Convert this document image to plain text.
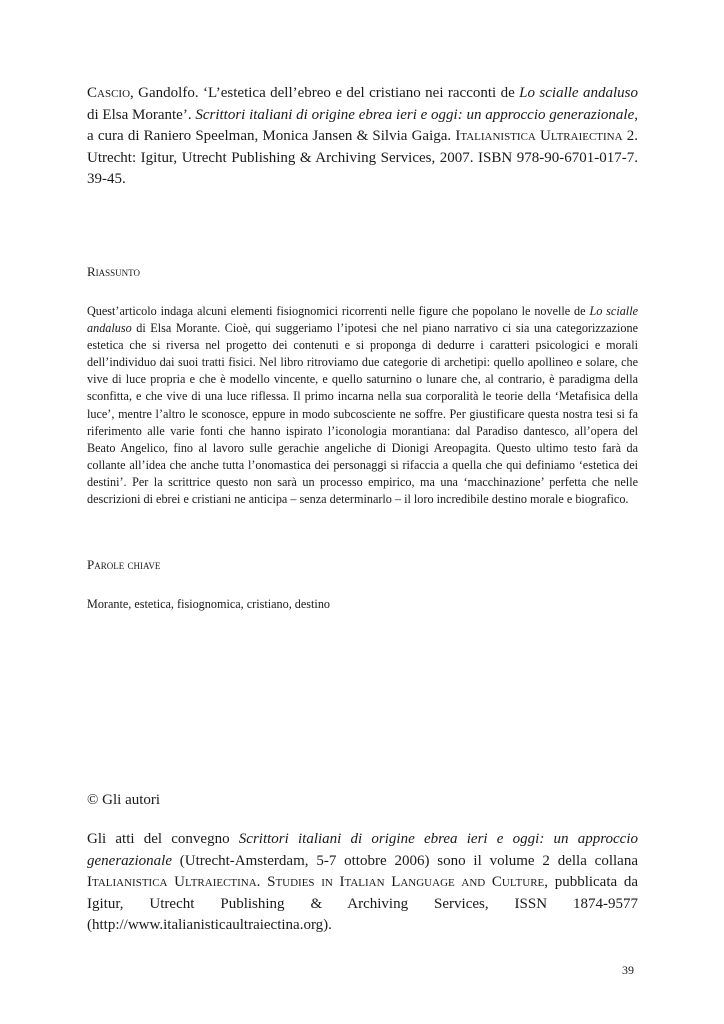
Cascio, Gandolfo. ‘L’estetica dell’ebreo e del cristiano nei racconti de Lo scialle andaluso di Elsa Morante’. Scrittori italiani di origine ebrea ieri e oggi: un approccio generazionale, a cura di Raniero Speelman, Monica Jansen & Silvia Gaiga. Italianistica Ultraiectina 2. Utrecht: Igitur, Utrecht Publishing & Archiving Services, 2007. ISBN 978-90-6701-017-7. 39-45.
Riassunto
Quest’articolo indaga alcuni elementi fisiognomici ricorrenti nelle figure che popolano le novelle de Lo scialle andaluso di Elsa Morante. Cioè, qui suggeriamo l’ipotesi che nel piano narrativo ci sia una categorizzazione estetica che si riversa nel progetto dei contenuti e si proponga di dedurre i caratteri psicologici e morali dell’individuo dai suoi tratti fisici. Nel libro ritroviamo due categorie di archetipi: quello apollineo e solare, che vive di luce propria e che è modello vincente, e quello saturnino o lunare che, al contrario, è paradigma della sconfitta, e che vive di una luce riflessa. Il primo incarna nella sua corporalità le teorie della ‘Metafisica della luce’, mentre l’altro le sconosce, eppure in modo subcosciente ne soffre. Per giustificare questa nostra tesi si fa riferimento alle varie fonti che hanno ispirato l’iconologia morantiana: dal Paradiso dantesco, all’opera del Beato Angelico, fino al lavoro sulle gerachie angeliche di Dionigi Areopagita. Questo ultimo testo farà da collante all’idea che anche tutta l’onomastica dei personaggi si rifaccia a quella che qui definiamo ‘estetica dei destini’. Per la scrittrice questo non sarà un processo empirico, ma una ‘macchinazione’ perfetta che nelle descrizioni di ebrei e cristiani ne anticipa – senza determinarlo – il loro incredibile destino morale e biografico.
Parole chiave
Morante, estetica, fisiognomica, cristiano, destino
© Gli autori
Gli atti del convegno Scrittori italiani di origine ebrea ieri e oggi: un approccio generazionale (Utrecht-Amsterdam, 5-7 ottobre 2006) sono il volume 2 della collana Italianistica Ultraiectina. Studies in Italian Language and Culture, pubblicata da Igitur, Utrecht Publishing & Archiving Services, ISSN 1874-9577 (http://www.italianisticaultraiectina.org).
39
